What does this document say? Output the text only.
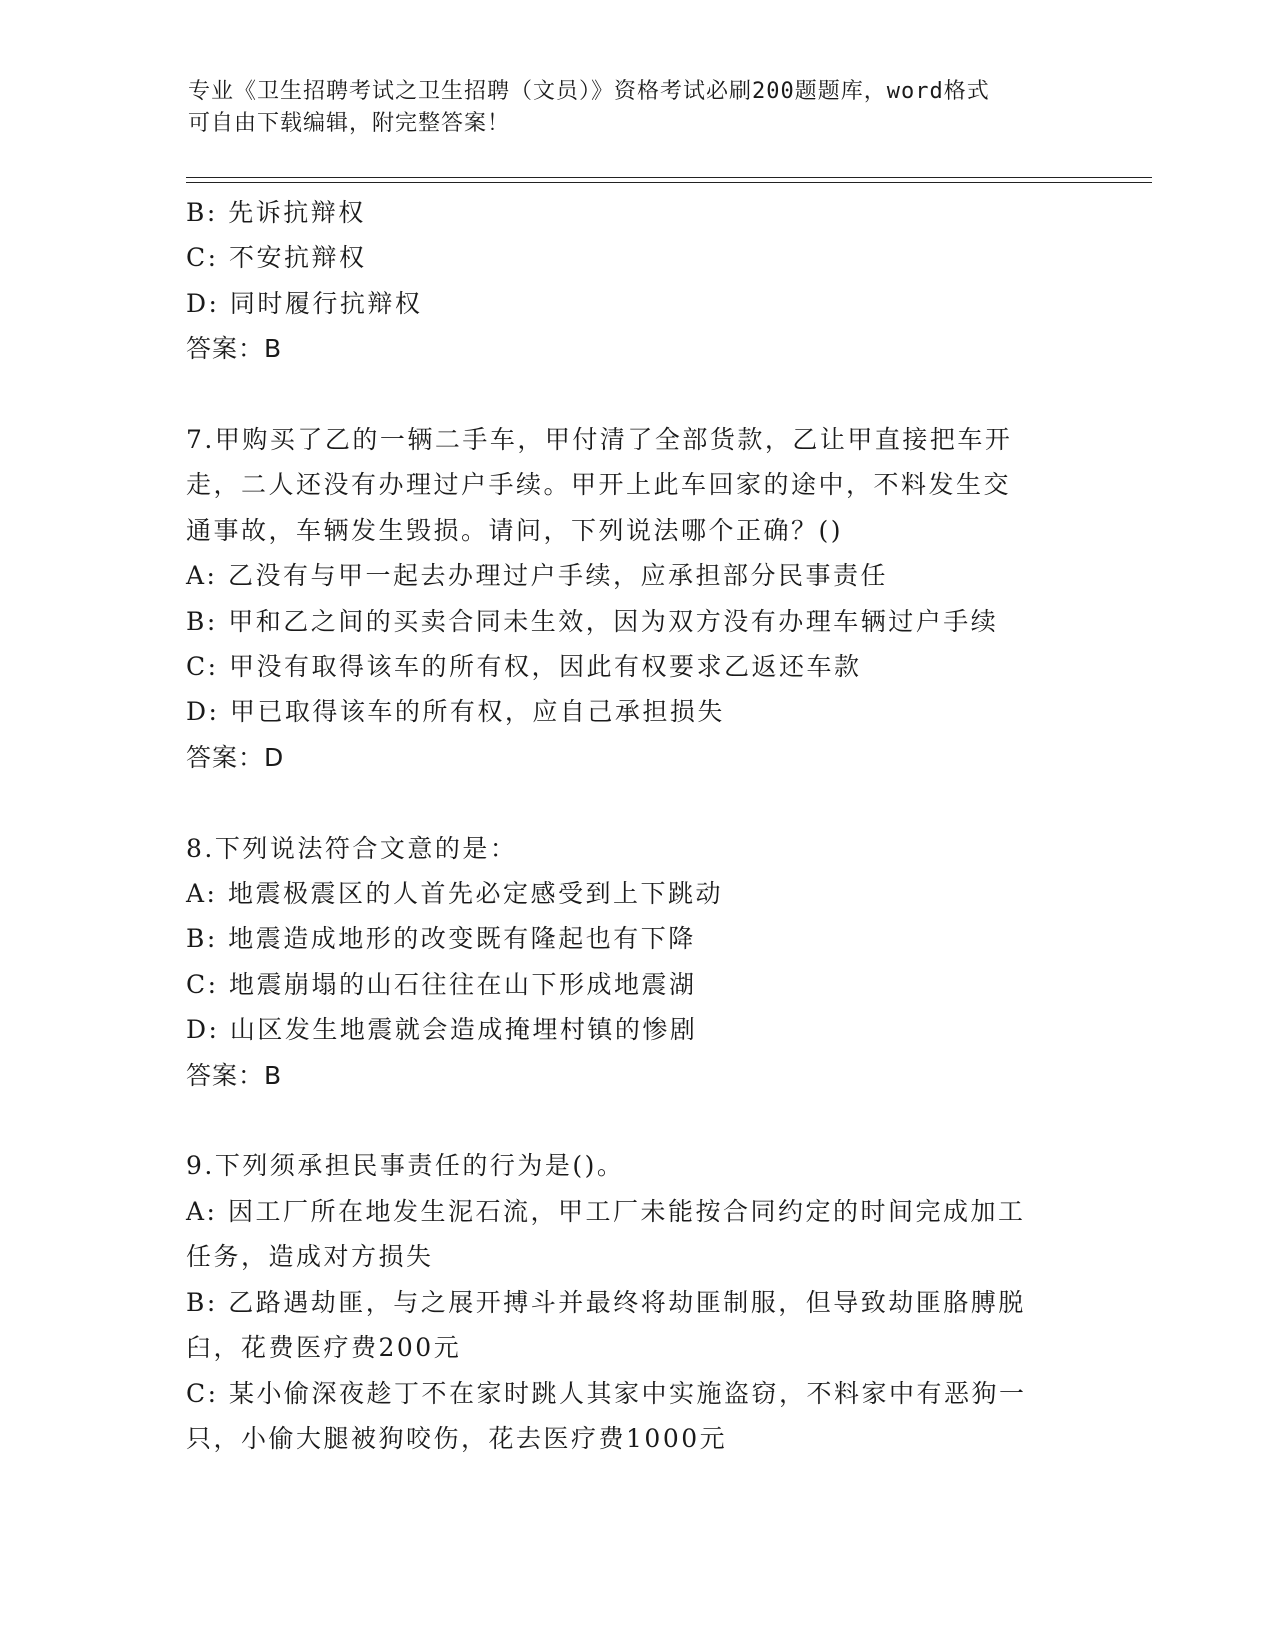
专业《卫生招聘考试之卫生招聘（文员）》资格考试必刷200题题库，word格式
可自由下载编辑，附完整答案！
B: 先诉抗辩权
C: 不安抗辩权
D: 同时履行抗辩权
答案：B
7.甲购买了乙的一辆二手车，甲付清了全部货款，乙让甲直接把车开
走，二人还没有办理过户手续。甲开上此车回家的途中，不料发生交
通事故，车辆发生毁损。请问，下列说法哪个正确？()
A: 乙没有与甲一起去办理过户手续，应承担部分民事责任
B: 甲和乙之间的买卖合同未生效，因为双方没有办理车辆过户手续
C: 甲没有取得该车的所有权，因此有权要求乙返还车款
D: 甲已取得该车的所有权，应自己承担损失
答案：D
8.下列说法符合文意的是：
A: 地震极震区的人首先必定感受到上下跳动
B: 地震造成地形的改变既有隆起也有下降
C: 地震崩塌的山石往往在山下形成地震湖
D: 山区发生地震就会造成掩埋村镇的惨剧
答案：B
9.下列须承担民事责任的行为是()。
A: 因工厂所在地发生泥石流，甲工厂未能按合同约定的时间完成加工
任务，造成对方损失
B: 乙路遇劫匪，与之展开搏斗并最终将劫匪制服，但导致劫匪胳膊脱
臼，花费医疗费200元
C: 某小偷深夜趁丁不在家时跳人其家中实施盗窃，不料家中有恶狗一
只，小偷大腿被狗咬伤，花去医疗费1000元
